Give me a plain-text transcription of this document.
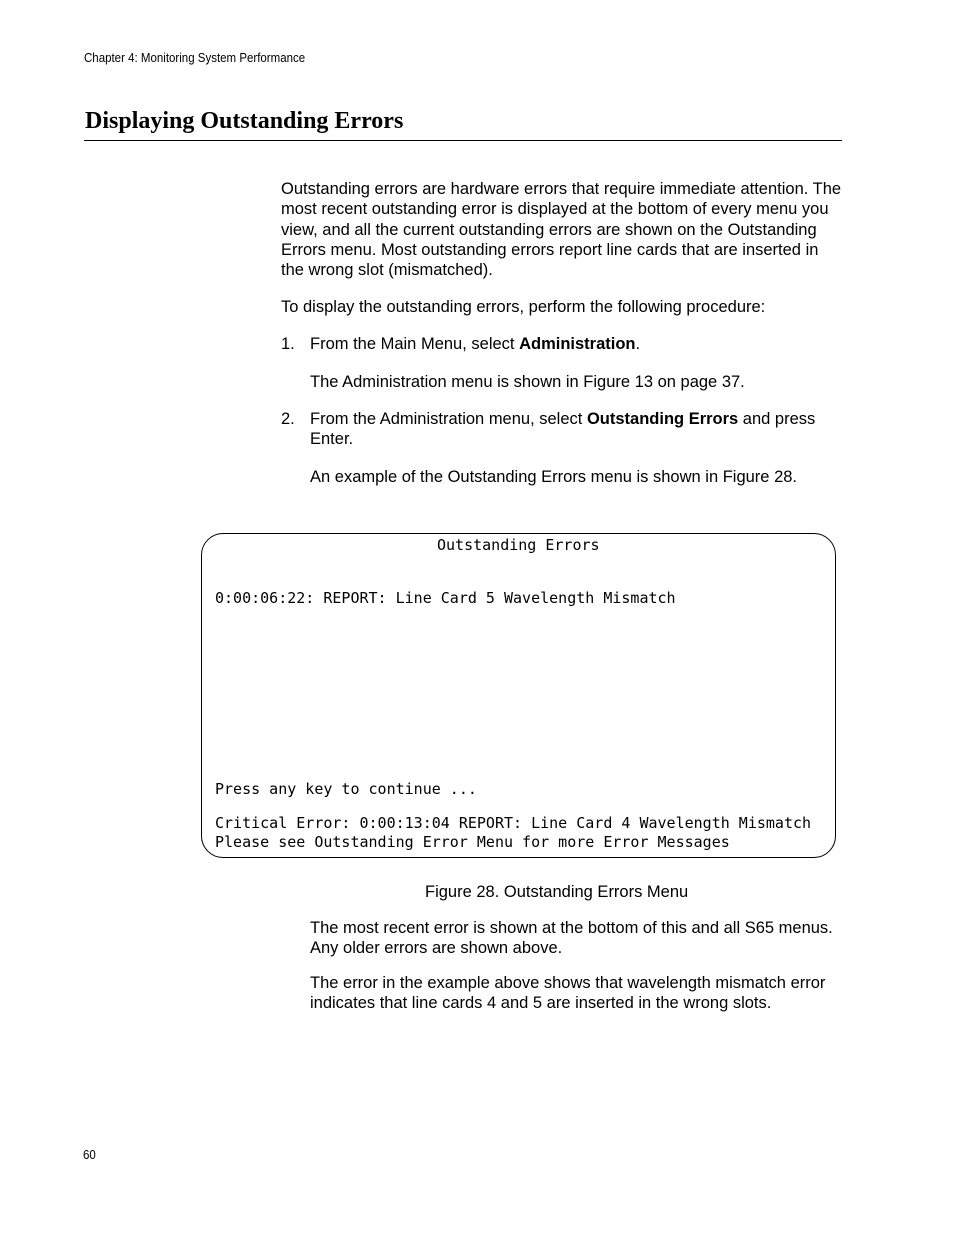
Chapter 4: Monitoring System Performance
Displaying Outstanding Errors

Outstanding errors are hardware errors that require immediate attention. The most recent outstanding error is displayed at the bottom of every menu you view, and all the current outstanding errors are shown on the Outstanding Errors menu. Most outstanding errors report line cards that are inserted in the wrong slot (mismatched).

To display the outstanding errors, perform the following procedure:

1. From the Main Menu, select Administration.

The Administration menu is shown in Figure 13 on page 37.

2. From the Administration menu, select Outstanding Errors and press Enter.

An example of the Outstanding Errors menu is shown in Figure 28.

Outstanding Errors
0:00:06:22: REPORT: Line Card 5 Wavelength Mismatch
Press any key to continue ...
Critical Error: 0:00:13:04 REPORT: Line Card 4 Wavelength Mismatch
Please see Outstanding Error Menu for more Error Messages
Figure 28. Outstanding Errors Menu

The most recent error is shown at the bottom of this and all S65 menus. Any older errors are shown above.

The error in the example above shows that wavelength mismatch error indicates that line cards 4 and 5 are inserted in the wrong slots.

60
